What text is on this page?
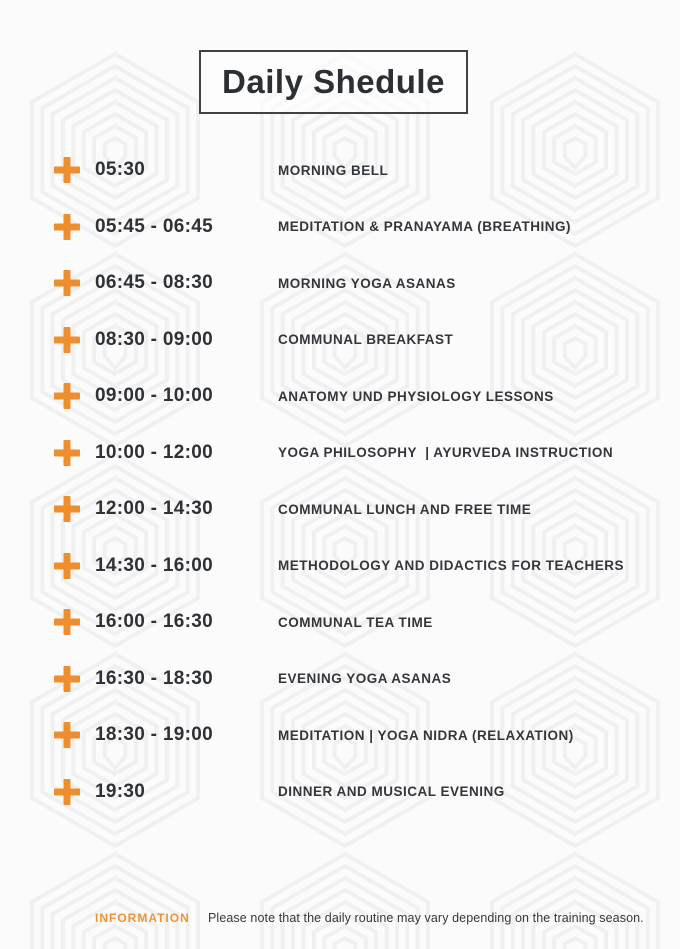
Daily Shedule
05:30	MORNING BELL
05:45 - 06:45	MEDITATION & PRANAYAMA (BREATHING)
06:45 - 08:30	MORNING YOGA ASANAS
08:30 - 09:00	COMMUNAL BREAKFAST
09:00 - 10:00	ANATOMY UND PHYSIOLOGY LESSONS
10:00 - 12:00	YOGA PHILOSOPHY  | AYURVEDA INSTRUCTION
12:00 - 14:30	COMMUNAL LUNCH AND FREE TIME
14:30 - 16:00	METHODOLOGY AND DIDACTICS FOR TEACHERS
16:00 - 16:30	COMMUNAL TEA TIME
16:30 - 18:30	EVENING YOGA ASANAS
18:30 - 19:00	MEDITATION | YOGA NIDRA (RELAXATION)
19:30	DINNER AND MUSICAL EVENING
INFORMATION	Please note that the daily routine may vary depending on the training season.
